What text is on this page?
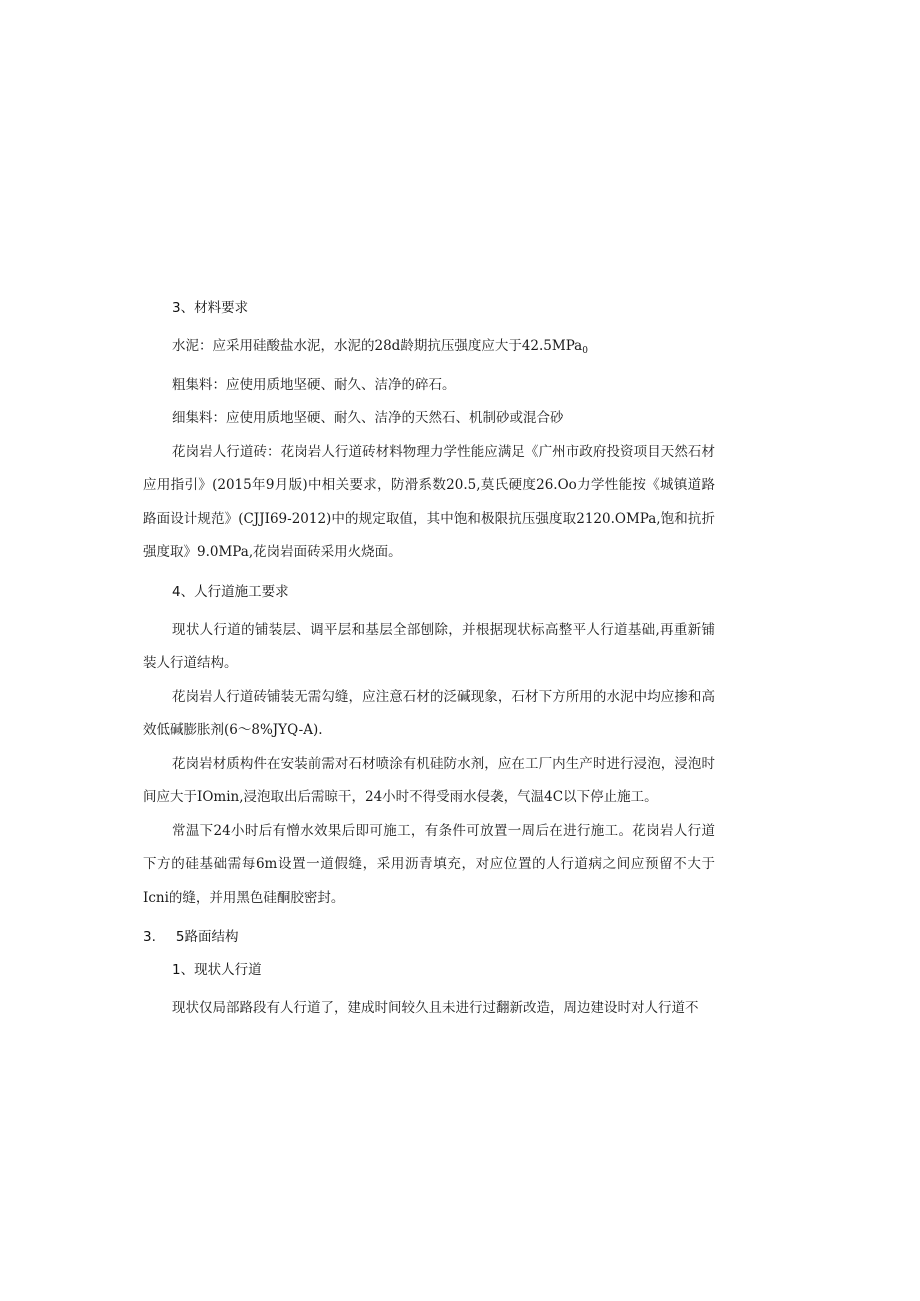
3、材料要求

水泥：应采用硅酸盐水泥，水泥的28d龄期抗压强度应大于42.5MPa$_0$

粗集料：应使用质地坚硬、耐久、洁净的碎石。

细集料：应使用质地坚硬、耐久、洁净的天然石、机制砂或混合砂

花岗岩人行道砖：花岗岩人行道砖材料物理力学性能应满足《广州市政府投资项目天然石材应用指引》(2015年9月版)中相关要求，防滑系数20.5,莫氏硬度26.Oo力学性能按《城镇道路路面设计规范》(CJJI69-2012)中的规定取值，其中饱和极限抗压强度取2120.OMPa,饱和抗折强度取》9.0MPa,花岗岩面砖采用火烧面。

4、人行道施工要求

现状人行道的铺装层、调平层和基层全部刨除，并根据现状标高整平人行道基础,再重新铺装人行道结构。

花岗岩人行道砖铺装无需勾缝，应注意石材的泛碱现象，石材下方所用的水泥中均应掺和高效低碱膨胀剂(6～8%JYQ-A).

花岗岩材质构件在安装前需对石材喷涂有机硅防水剂，应在工厂内生产时进行浸泡，浸泡时间应大于IOmin,浸泡取出后需晾干，24小时不得受雨水侵袭，气温4C以下停止施工。

常温下24小时后有憎水效果后即可施工，有条件可放置一周后在进行施工。花岗岩人行道下方的硅基础需每6m设置一道假缝，采用沥青填充，对应位置的人行道病之间应预留不大于Icni的缝，并用黑色硅酮胶密封。

3. 5路面结构

1、现状人行道

现状仅局部路段有人行道了，建成时间较久且未进行过翻新改造，周边建设时对人行道不
